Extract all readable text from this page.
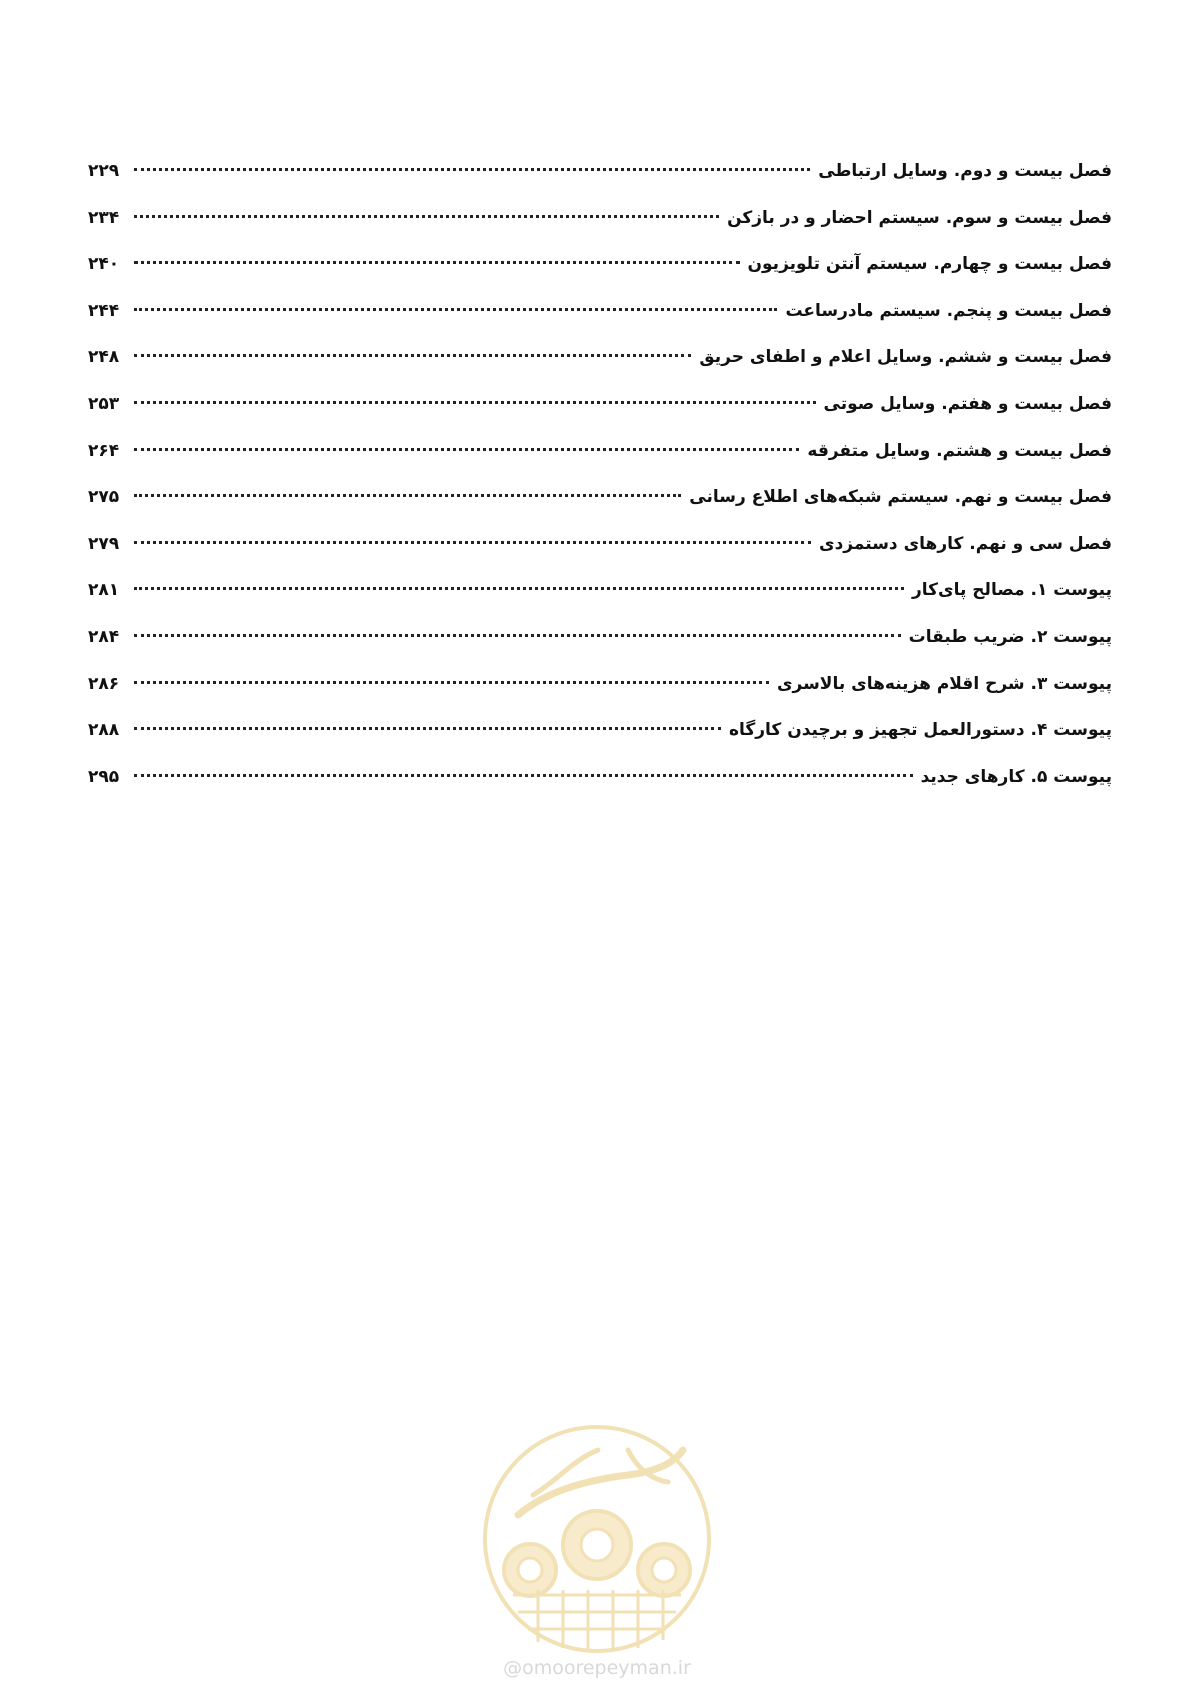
فصل بیست و دوم. وسایل ارتباطی
۲۲۹
فصل بیست و سوم. سیستم احضار و در بازکن
۲۳۴
فصل بیست و چهارم. سیستم آنتن تلویزیون
۲۴۰
فصل بیست و پنجم. سیستم مادرساعت
۲۴۴
فصل بیست و ششم. وسایل اعلام و اطفای حریق
۲۴۸
فصل بیست و هفتم. وسایل صوتی
۲۵۳
فصل بیست و هشتم. وسایل متفرقه
۲۶۴
فصل بیست و نهم. سیستم شبکه‌های اطلاع رسانی
۲۷۵
فصل سی و نهم. کارهای دستمزدی
۲۷۹
پیوست ۱. مصالح پای‌کار
۲۸۱
پیوست ۲. ضریب طبقات
۲۸۴
پیوست ۳. شرح اقلام هزینه‌های بالاسری
۲۸۶
پیوست ۴. دستورالعمل تجهیز و برچیدن کارگاه
۲۸۸
پیوست ۵. کارهای جدید
۲۹۵
@omoorepeyman.ir
